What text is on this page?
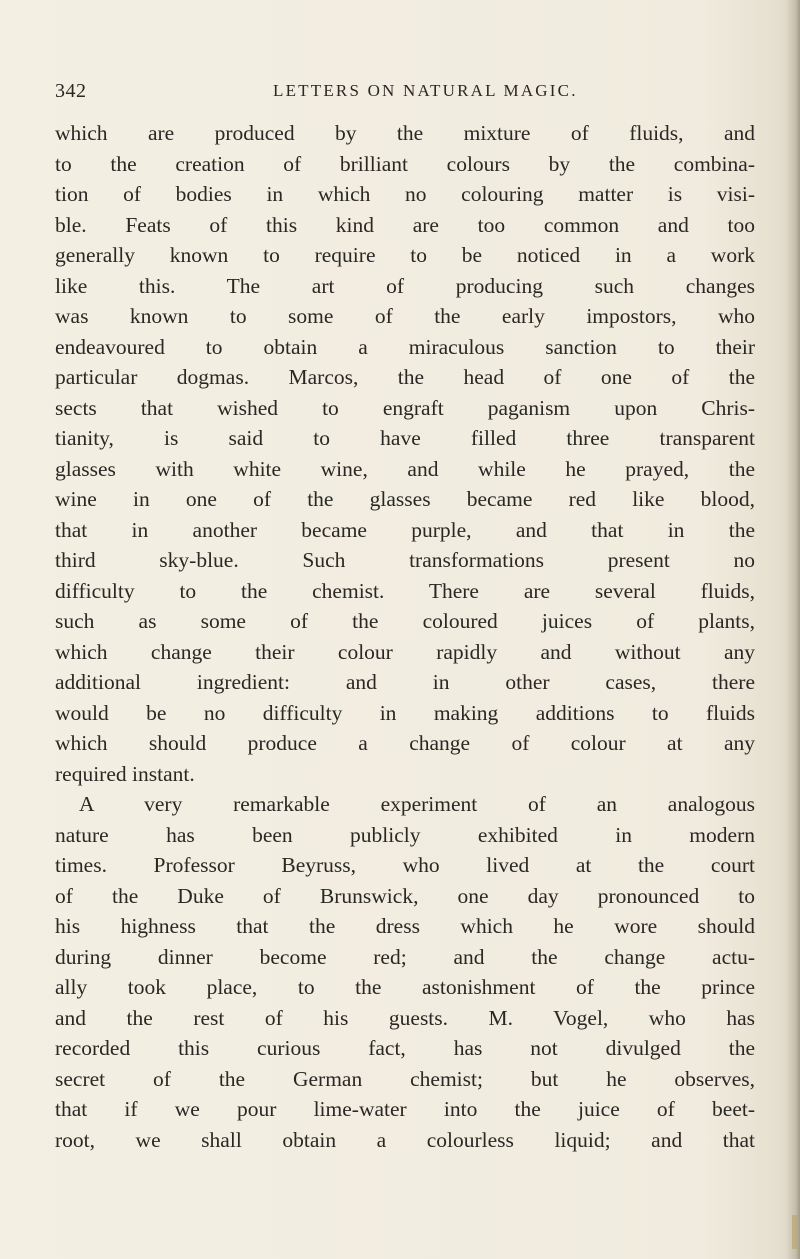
342	LETTERS ON NATURAL MAGIC.
which are produced by the mixture of fluids, and
to the creation of brilliant colours by the combina-
tion of bodies in which no colouring matter is visi-
ble. Feats of this kind are too common and too
generally known to require to be noticed in a work
like this. The art of producing such changes
was known to some of the early impostors, who
endeavoured to obtain a miraculous sanction to their
particular dogmas. Marcos, the head of one of the
sects that wished to engraft paganism upon Chris-
tianity, is said to have filled three transparent
glasses with white wine, and while he prayed, the
wine in one of the glasses became red like blood,
that in another became purple, and that in the
third sky-blue. Such transformations present no
difficulty to the chemist. There are several fluids,
such as some of the coloured juices of plants,
which change their colour rapidly and without any
additional ingredient: and in other cases, there
would be no difficulty in making additions to fluids
which should produce a change of colour at any
required instant.
A very remarkable experiment of an analogous
nature has been publicly exhibited in modern
times. Professor Beyruss, who lived at the court
of the Duke of Brunswick, one day pronounced to
his highness that the dress which he wore should
during dinner become red; and the change actu-
ally took place, to the astonishment of the prince
and the rest of his guests. M. Vogel, who has
recorded this curious fact, has not divulged the
secret of the German chemist; but he observes,
that if we pour lime-water into the juice of beet-
root, we shall obtain a colourless liquid; and that
